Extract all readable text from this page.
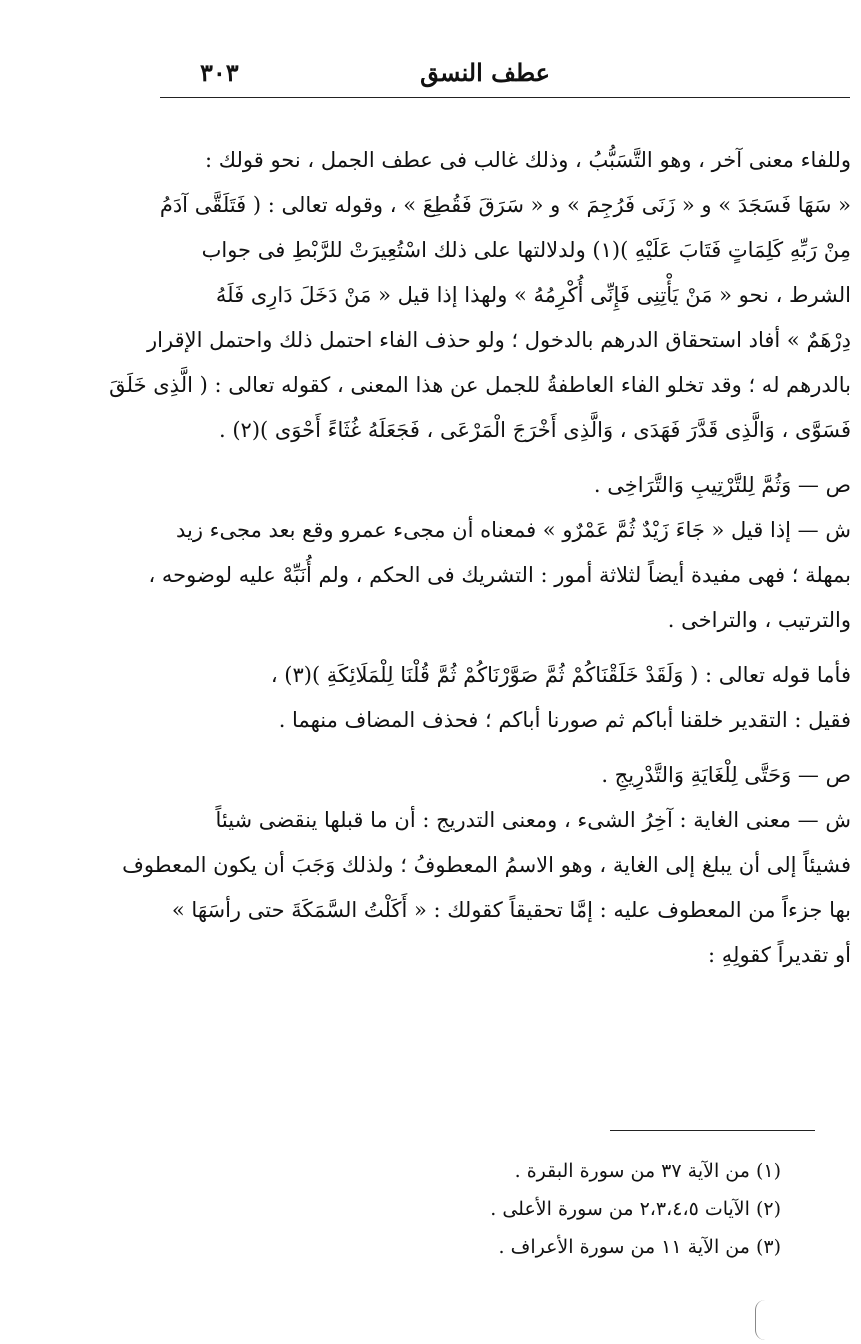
عطف النسق
٣٠٣
وللفاء معنى آخر ، وهو التَّسَبُّبُ ، وذلك غالب فى عطف الجمل ، نحو قولك :
« سَهَا فَسَجَدَ » و « زَنَى فَرُجِمَ » و « سَرَقَ فَقُطِعَ » ، وقوله تعالى : ( فَتَلَقَّى آدَمُ
مِنْ رَبِّهِ كَلِمَاتٍ فَتَابَ عَلَيْهِ )(١) ولدلالتها على ذلك اسْتُعِيرَتْ للرَّبْطِ فى جواب
الشرط ، نحو « مَنْ يَأْتِنِى فَإِنِّى أُكْرِمُهُ » ولهذا إذا قيل « مَنْ دَخَلَ دَارِى فَلَهُ
دِرْهَمٌ » أفاد استحقاق الدرهم بالدخول ؛ ولو حذف الفاء احتمل ذلك واحتمل الإقرار
بالدرهم له ؛ وقد تخلو الفاء العاطفةُ للجمل عن هذا المعنى ، كقوله تعالى : ( الَّذِى خَلَقَ
فَسَوَّى ، وَالَّذِى قَدَّرَ فَهَدَى ، وَالَّذِى أَخْرَجَ الْمَرْعَى ، فَجَعَلَهُ غُثَاءً أَحْوَى )(٢) .
ص — وَثُمَّ لِلتَّرْتِيبِ وَالتَّرَاخِى .
ش — إذا قيل « جَاءَ زَيْدٌ ثُمَّ عَمْرٌو » فمعناه أن مجىء عمرو وقع بعد مجىء زيد
بمهلة ؛ فهى مفيدة أيضاً لثلاثة أمور : التشريك فى الحكم ، ولم أُنَبِّهْ عليه لوضوحه ،
والترتيب ، والتراخى .
فأما قوله تعالى : ( وَلَقَدْ خَلَقْنَاكُمْ ثُمَّ صَوَّرْنَاكُمْ ثُمَّ قُلْنَا لِلْمَلَائِكَةِ )(٣) ،
فقيل : التقدير خلقنا أباكم ثم صورنا أباكم ؛ فحذف المضاف منهما .
ص — وَحَتَّى لِلْغَايَةِ وَالتَّدْرِيجِ .
ش — معنى الغاية : آخِرُ الشىء ، ومعنى التدريج : أن ما قبلها ينقضى شيئاً
فشيئاً إلى أن يبلغ إلى الغاية ، وهو الاسمُ المعطوفُ ؛ ولذلك وَجَبَ أن يكون المعطوف
بها جزءاً من المعطوف عليه : إمَّا تحقيقاً كقولك : « أَكَلْتُ السَّمَكَةَ حتى رأسَهَا »
أو تقديراً كقولِهِ :
(١) من الآية ٣٧ من سورة البقرة .
(٢) الآيات ٢،٣،٤،٥ من سورة الأعلى .
(٣) من الآية ١١ من سورة الأعراف .
